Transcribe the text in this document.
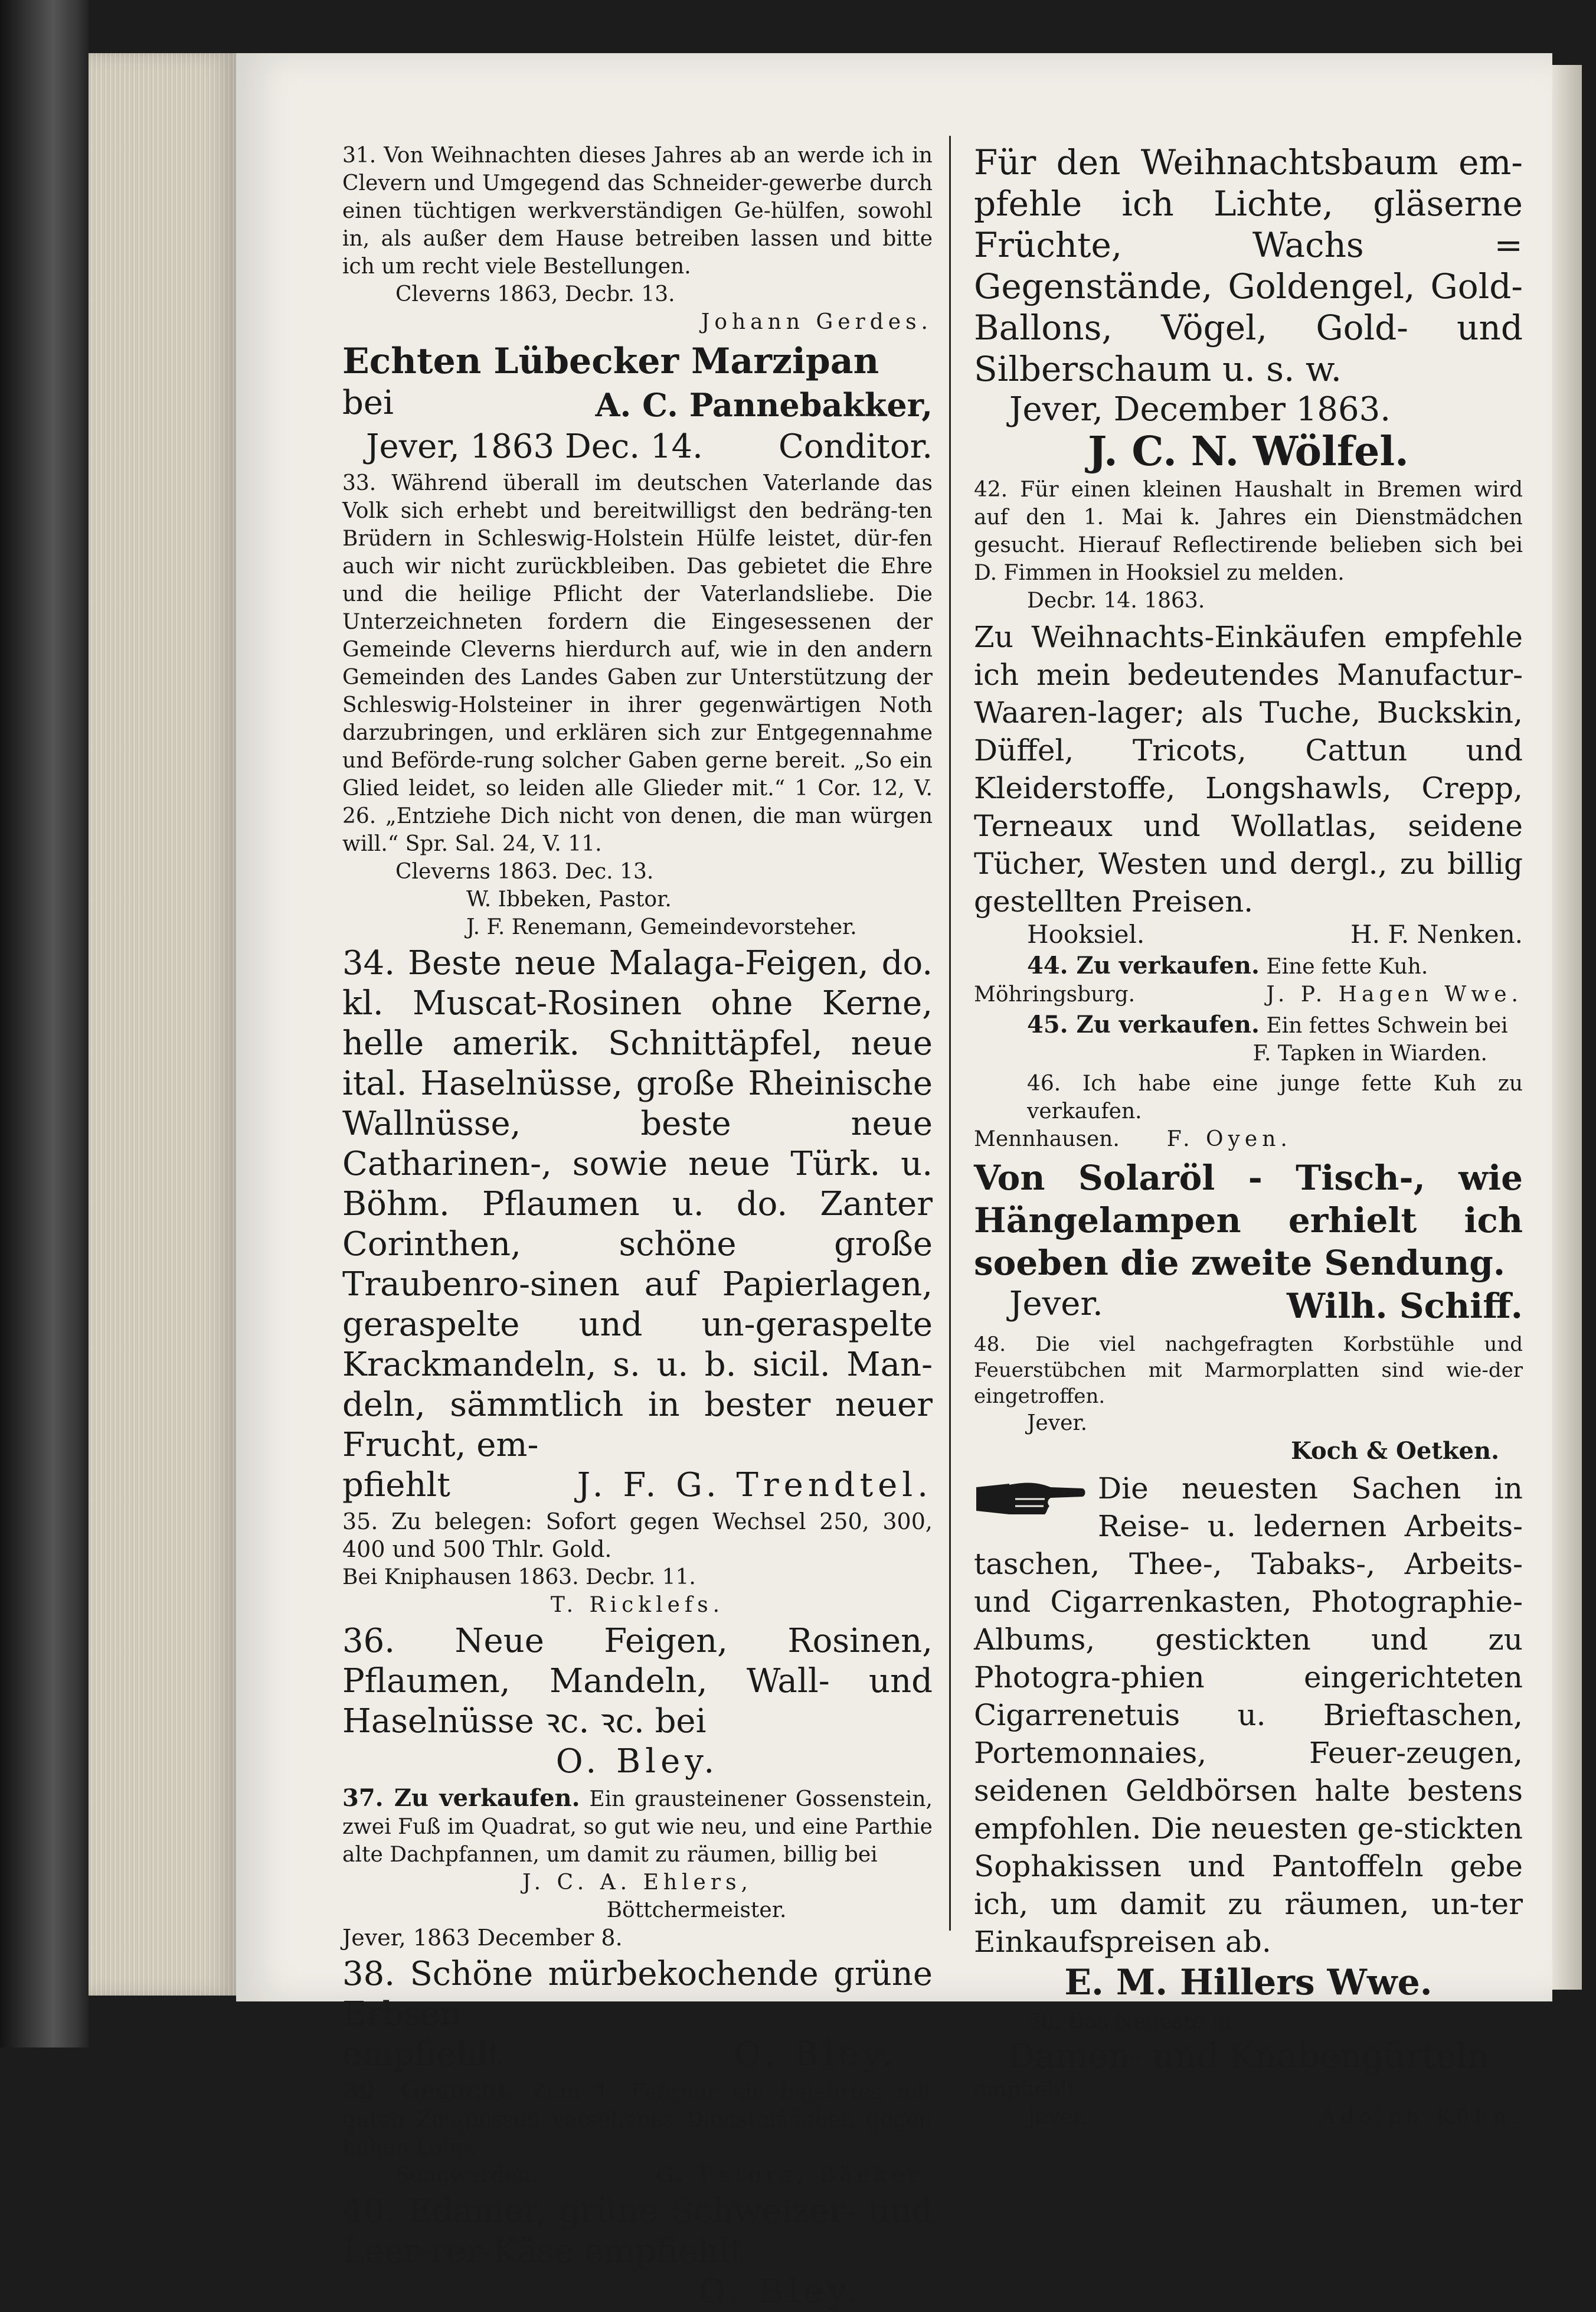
31. Von Weihnachten dieses Jahres ab an werde ich in Clevern und Umgegend das Schneider-gewerbe durch einen tüchtigen werkverständigen Ge-hülfen, sowohl in, als außer dem Hause betreiben lassen und bitte ich um recht viele Bestellungen.

Cleverns 1863, Decbr. 13.

Johann Gerdes.

Echten Lübecker Marzipan

bei	A. C. Pannebakker,
Jever, 1863 Dec. 14. Conditor.

33. Während überall im deutschen Vaterlande das Volk sich erhebt und bereitwilligst den bedräng-ten Brüdern in Schleswig-Holstein Hülfe leistet, dür-fen auch wir nicht zurückbleiben. Das gebietet die Ehre und die heilige Pflicht der Vaterlandsliebe. Die Unterzeichneten fordern die Eingesessenen der Gemeinde Cleverns hierdurch auf, wie in den andern Gemeinden des Landes Gaben zur Unterstützung der Schleswig-Holsteiner in ihrer gegenwärtigen Noth darzubringen, und erklären sich zur Entgegennahme und Beförde-rung solcher Gaben gerne bereit. „So ein Glied leidet, so leiden alle Glieder mit.“ 1 Cor. 12, V. 26. „Entziehe Dich nicht von denen, die man würgen will.“ Spr. Sal. 24, V. 11.

Cleverns 1863. Dec. 13.

W. Ibbeken, Pastor.

J. F. Renemann, Gemeindevorsteher.

34. Beste neue Malaga-Feigen, do. kl. Muscat-Rosinen ohne Kerne, helle amerik. Schnittäpfel, neue ital. Haselnüsse, große Rheinische Wallnüsse, beste neue Catharinen-, sowie neue Türk. u. Böhm. Pflaumen u. do. Zanter Corinthen, schöne große Traubenro-sinen auf Papierlagen, geraspelte und un-geraspelte Krackmandeln, s. u. b. sicil. Man-deln, sämmtlich in bester neuer Frucht, em-

pfiehlt	J. F. G. Trendtel.

35. Zu belegen: Sofort gegen Wechsel 250, 300, 400 und 500 Thlr. Gold.

Bei Kniphausen 1863. Decbr. 11.

T. Ricklefs.

36. Neue Feigen, Rosinen, Pflaumen, Mandeln, Wall- und Haselnüsse ꝛc. ꝛc. bei

O. Bley.

37. Zu verkaufen. Ein grausteinener Gossenstein, zwei Fuß im Quadrat, so gut wie neu, und eine Parthie alte Dachpfannen, um damit zu räumen, billig bei

J. C. A. Ehlers,

Böttchermeister.

Jever, 1863 December 8.

38. Schöne mürbekochende grüne Erbsen

empfiehlt	O. Bley.

39. Gesucht. Zum 1. Februar ein bejahrtes mit guten Zeugnissen versehenes Dienstmädchen gegen hohen Lohn.

Sengwarden.	G. Peters, Bäcker.

40. Edamer, grüne Schweizer- und Leer-rer-Käse empfiehlt

O. Bley.

Für den Weihnachtsbaum em-pfehle ich Lichte, gläserne Früchte, Wachs = Gegenstände, Goldengel, Gold-Ballons, Vögel, Gold- und Silberschaum u. s. w.

Jever, December 1863.

J. C. N. Wölfel.

42. Für einen kleinen Haushalt in Bremen wird auf den 1. Mai k. Jahres ein Dienstmädchen gesucht. Hierauf Reflectirende belieben sich bei D. Fimmen in Hooksiel zu melden.

Decbr. 14. 1863.

Zu Weihnachts-Einkäufen empfehle ich mein bedeutendes Manufactur-Waaren-lager; als Tuche, Buckskin, Düffel, Tricots, Cattun und Kleiderstoffe, Longshawls, Crepp, Terneaux und Wollatlas, seidene Tücher, Westen und dergl., zu billig gestellten Preisen.

Hooksiel.	H. F. Nenken.

44. Zu verkaufen. Eine fette Kuh.

Möhringsburg.	J. P. Hagen Wwe.

45. Zu verkaufen. Ein fettes Schwein bei

F. Tapken in Wiarden.

46. Ich habe eine junge fette Kuh zu verkaufen.

Mennhausen. F. Oyen.

Von Solaröl - Tisch-, wie Hängelampen erhielt ich soeben die zweite Sendung.

Jever.	Wilh. Schiff.

48. Die viel nachgefragten Korbstühle und Feuerstübchen mit Marmorplatten sind wie-der eingetroffen.

Jever.

Koch & Oetken.

Die neuesten Sachen in Reise- u. ledernen Arbeits-taschen, Thee-, Tabaks-, Arbeits- und Cigarrenkasten, Photographie-Albums, gestickten und zu Photogra-phien eingerichteten Cigarrenetuis u. Brieftaschen, Portemonnaies, Feuer-zeugen, seidenen Geldbörsen halte bestens empfohlen. Die neuesten ge-stickten Sophakissen und Pantoffeln gebe ich, um damit zu räumen, un-ter Einkaufspreisen ab.

E. M. Hillers Wwe.

50. Das Neueste in

Damen- und Knabengürteln

empfiehlt

Jever.	Adolph Kühn.
